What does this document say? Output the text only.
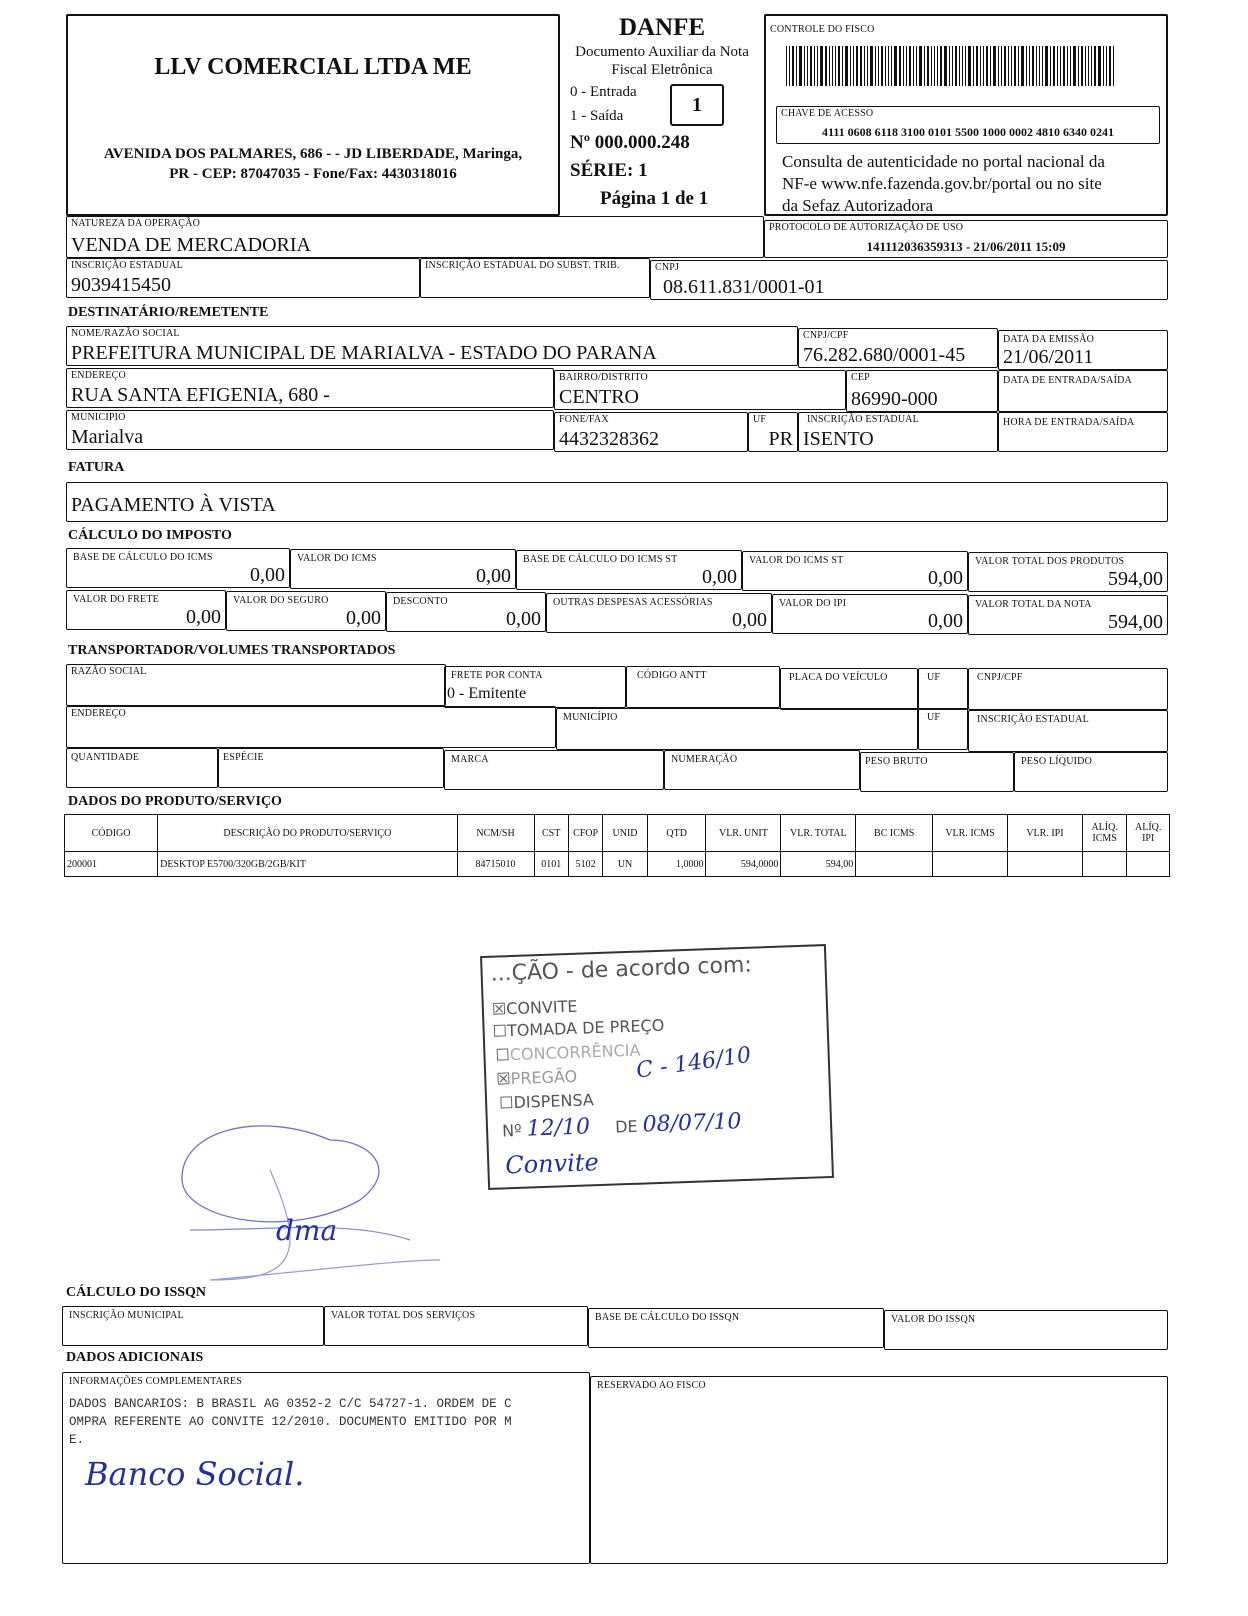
LLV COMERCIAL LTDA ME
AVENIDA DOS PALMARES, 686 - - JD LIBERDADE, Maringa,
PR - CEP: 87047035 - Fone/Fax: 4430318016
DANFE
Documento Auxiliar da Nota
Fiscal Eletrônica
0 - Entrada
1 - Saída	1
Nº 000.000.248
SÉRIE: 1
Página 1 de 1
CONTROLE DO FISCO
CHAVE DE ACESSO
4111 0608 6118 3100 0101 5500 1000 0002 4810 6340 0241
Consulta de autenticidade no portal nacional da
NF-e www.nfe.fazenda.gov.br/portal ou no site
da Sefaz Autorizadora
NATUREZA DA OPERAÇÃO
VENDA DE MERCADORIA
PROTOCOLO DE AUTORIZAÇÃO DE USO
141112036359313 - 21/06/2011 15:09
INSCRIÇÃO ESTADUAL
9039415450
INSCRIÇÃO ESTADUAL DO SUBST. TRIB.	CNPJ
08.611.831/0001-01
DESTINATÁRIO/REMETENTE
NOME/RAZÃO SOCIAL
PREFEITURA MUNICIPAL DE MARIALVA - ESTADO DO PARANA
CNPJ/CPF
76.282.680/0001-45
DATA DA EMISSÃO
21/06/2011
ENDEREÇO
RUA SANTA EFIGENIA, 680 -
BAIRRO/DISTRITO
CENTRO
CEP
86990-000
DATA DE ENTRADA/SAÍDA
MUNICIPIO
Marialva
FONE/FAX
4432328362
UF
PR
INSCRIÇÃO ESTADUAL
ISENTO
HORA DE ENTRADA/SAÍDA
FATURA
PAGAMENTO À VISTA
CÁLCULO DO IMPOSTO
BASE DE CÁLCULO DO ICMS
0,00
VALOR DO ICMS
0,00
BASE DE CÁLCULO DO ICMS ST
0,00
VALOR DO ICMS ST
0,00
VALOR TOTAL DOS PRODUTOS
594,00
VALOR DO FRETE
0,00
VALOR DO SEGURO
0,00
DESCONTO
0,00
OUTRAS DESPESAS ACESSÓRIAS
0,00
VALOR DO IPI
0,00
VALOR TOTAL DA NOTA
594,00
TRANSPORTADOR/VOLUMES TRANSPORTADOS
RAZÃO SOCIAL	FRETE POR CONTA
0 - Emitente
CÓDIGO ANTT	PLACA DO VEÍCULO	UF	CNPJ/CPF
ENDEREÇO	MUNICÍPIO	UF	INSCRIÇÃO ESTADUAL
QUANTIDADE	ESPÉCIE	MARCA	NUMERAÇÃO	PESO BRUTO	PESO LÍQUIDO
DADOS DO PRODUTO/SERVIÇO
CÓDIGO	DESCRIÇÃO DO PRODUTO/SERVIÇO	NCM/SH	CST	CFOP	UNID	QTD	VLR. UNIT	VLR. TOTAL	BC ICMS	VLR. ICMS	VLR. IPI	ALÍQ. ICMS	ALÍQ. IPI
200001	DESKTOP E5700/320GB/2GB/KIT	84715010	0101	5102	UN	1,0000	594,0000	594,00					
...ÇÃO - de acordo com:
☒CONVITE
☐TOMADA DE PREÇO
☐CONCORRÊNCIA
☒PREGÃO	C - 146/10
☐DISPENSA
Nº 12/10 DE 08/07/10
Convite
dma
CÁLCULO DO ISSQN
INSCRIÇÃO MUNICIPAL	VALOR TOTAL DOS SERVIÇOS	BASE DE CÁLCULO DO ISSQN	VALOR DO ISSQN
DADOS ADICIONAIS
INFORMAÇÕES COMPLEMENTARES
DADOS BANCARIOS: B BRASIL AG 0352-2 C/C 54727-1. ORDEM DE C
OMPRA REFERENTE AO CONVITE 12/2010. DOCUMENTO EMITIDO POR M
E.
Banco Social.
RESERVADO AO FISCO
